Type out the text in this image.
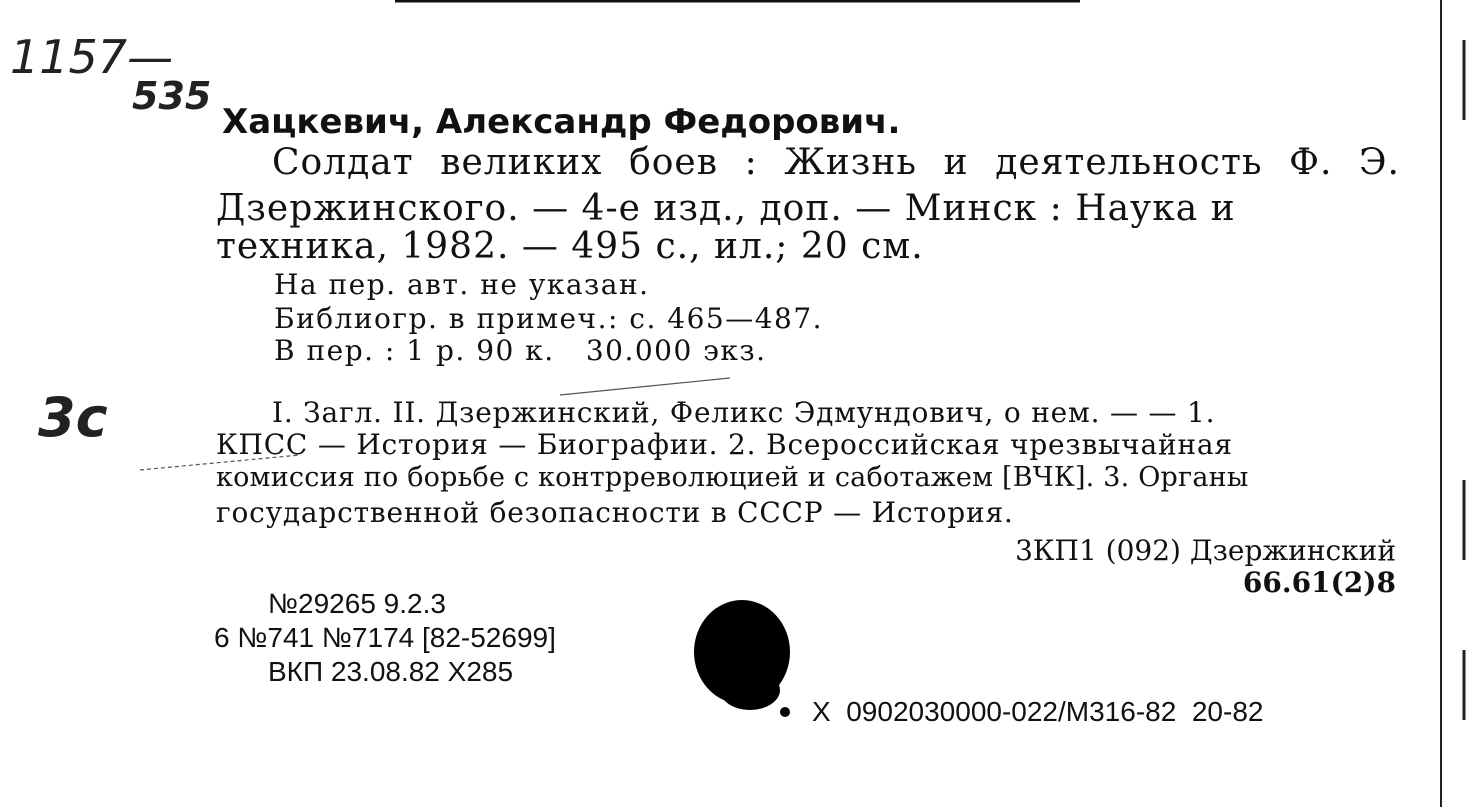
1157—
535
3c
Хацкевич, Александр Федорович.
Солдат великих боев : Жизнь и деятельность Ф. Э.
Дзержинского. — 4-е изд., доп. — Минск : Наука и
техника, 1982. — 495 с., ил.; 20 см.
На пер. авт. не указан.
Библиогр. в примеч.: с. 465—487.
В пер. : 1 р. 90 к.   30.000 экз.
I. Загл. II. Дзержинский, Феликс Эдмундович, о нем. — — 1.
КПСС — История — Биографии. 2. Всероссийская чрезвычайная
комиссия по борьбе с контрреволюцией и саботажем [ВЧК]. 3. Органы
государственной безопасности в СССР — История.
3КП1 (092) Дзержинский
66.61(2)8
№29265 9.2.3
6 №741 №7174 [82-52699]
ВКП 23.08.82 Х285
Х  0902030000-022/М316-82  20-82
